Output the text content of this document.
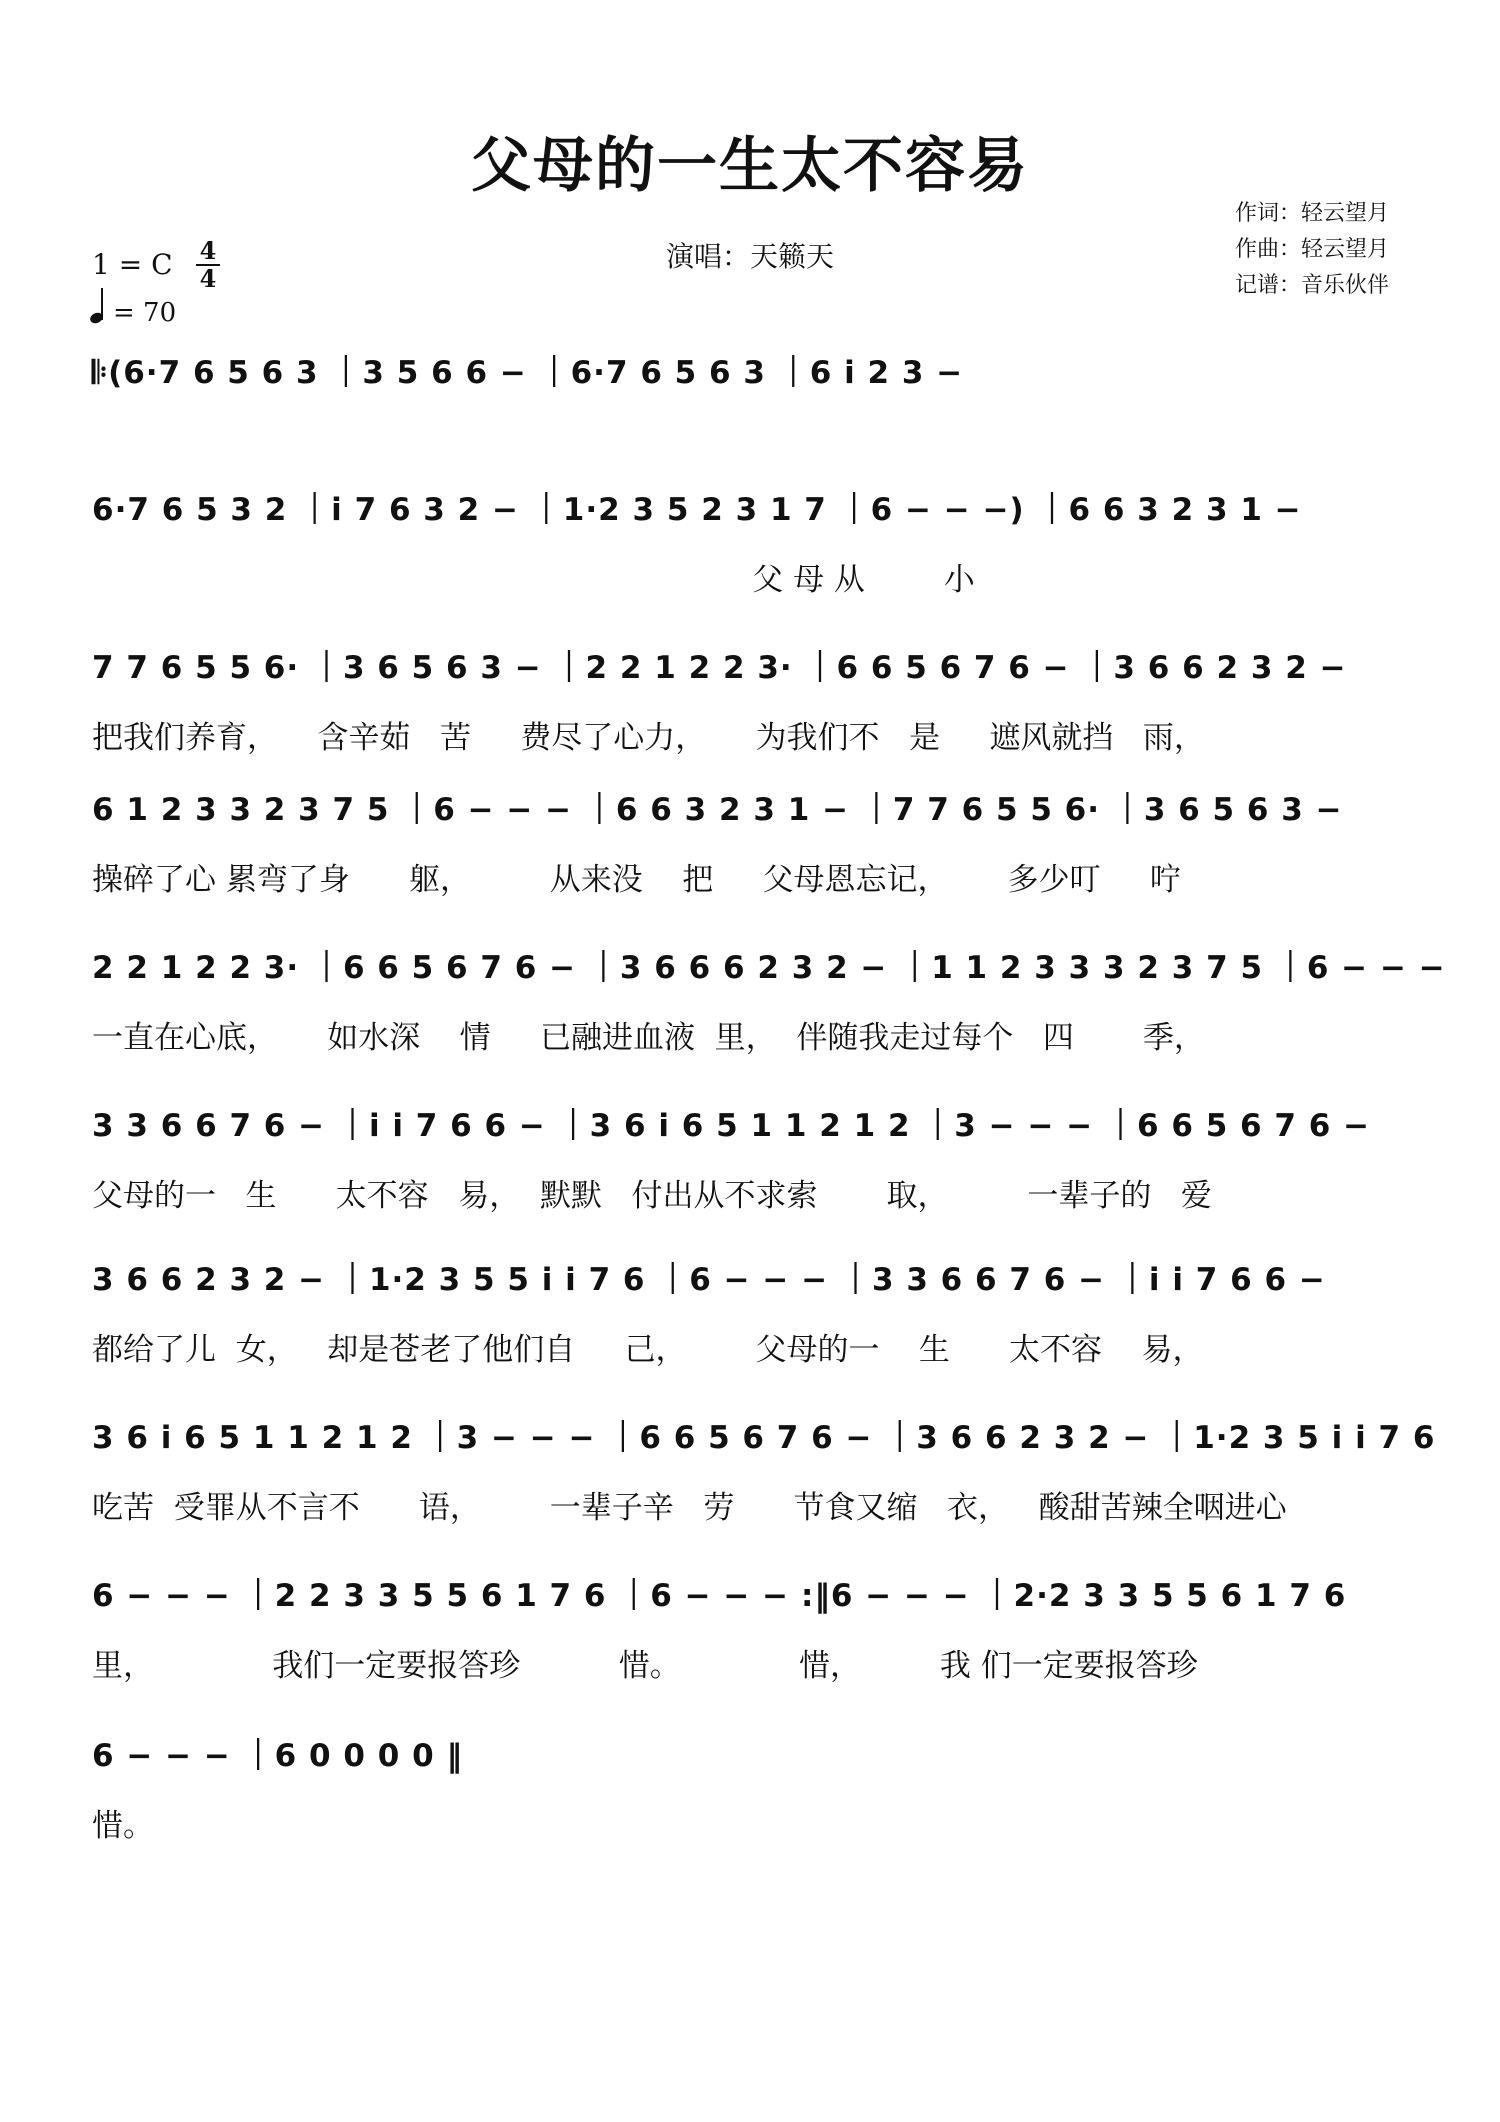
父母的一生太不容易
演唱：天籁天
作词：轻云望月
作曲：轻云望月
记谱：音乐伙伴
1 = C 4
4
= 70
𝄆(6·7 6 5 6 3 ｜3 5 6 6 − ｜6·7 6 5 6 3 ｜6 i 2 3 −
6·7 6 5 3 2 ｜i 7 6 3 2 − ｜1·2 3 5 2 3 1 7 ｜6 − − −) ｜6 6 3 2 3 1 −
父 母 从        小
7 7 6 5 5 6· ｜3 6 5 6 3 − ｜2 2 1 2 2 3· ｜6 6 5 6 7 6 − ｜3 6 6 2 3 2 −
把我们养育，    含辛茹   苦     费尽了心力，     为我们不   是     遮风就挡   雨，
6 1 2 3 3 2 3 7 5 ｜6 − − − ｜6 6 3 2 3 1 − ｜7 7 6 5 5 6· ｜3 6 5 6 3 −
操碎了心 累弯了身      躯，        从来没    把     父母恩忘记，      多少叮     咛
2 2 1 2 2 3· ｜6 6 5 6 7 6 − ｜3 6 6 6 2 3 2 − ｜1 1 2 3 3 3 2 3 7 5 ｜6 − − −
一直在心底，     如水深    情     已融进血液  里，  伴随我走过每个   四       季，
3 3 6 6 7 6 − ｜i i 7 6 6 − ｜3 6 i 6 5 1 1 2 1 2 ｜3 − − − ｜6 6 5 6 7 6 −
父母的一   生      太不容   易，  默默   付出从不求索       取，        一辈子的   爱
3 6 6 2 3 2 − ｜1·2 3 5 5 i i 7 6 ｜6 − − − ｜3 3 6 6 7 6 − ｜i i 7 6 6 −
都给了儿  女，   却是苍老了他们自     己，       父母的一    生      太不容    易，
3 6 i 6 5 1 1 2 1 2 ｜3 − − − ｜6 6 5 6 7 6 − ｜3 6 6 2 3 2 − ｜1·2 3 5 i i 7 6
吃苦  受罪从不言不      语，       一辈子辛   劳      节食又缩   衣，   酸甜苦辣全咽进心
6 − − − ｜2 2 3 3 5 5 6 1 7 6 ｜6 − − − :‖6 − − − ｜2·2 3 3 5 5 6 1 7 6
里，            我们一定要报答珍          惜。            惜，        我 们一定要报答珍
6 − − − ｜6 0 0 0 0 ‖
惜。
